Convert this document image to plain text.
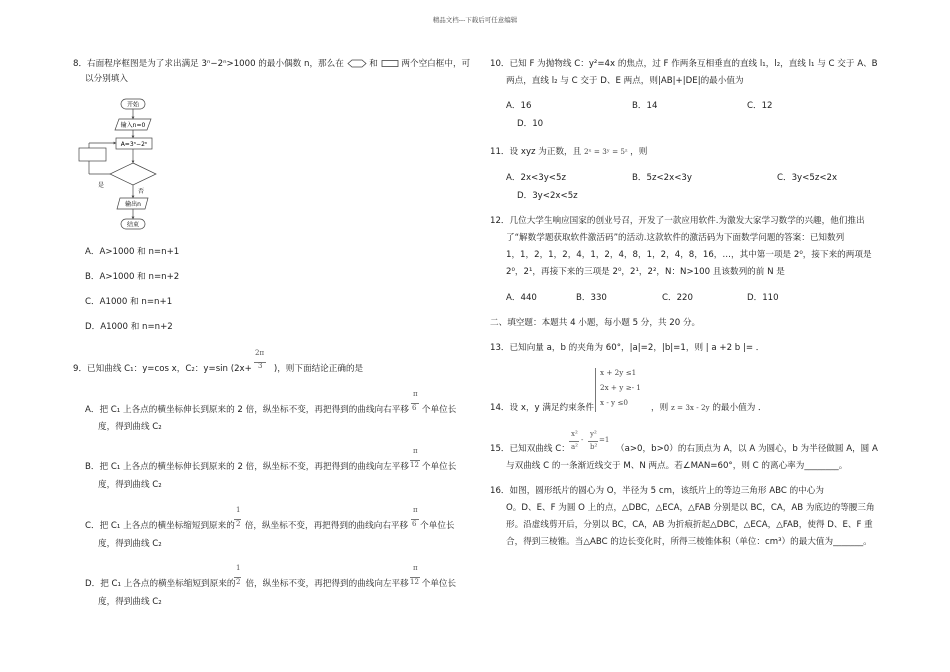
精品文档---下载后可任意编辑
8．右面程序框图是为了求出满足 3ⁿ−2ⁿ>1000 的最小偶数 n，那么在	和	两个空白框中，可
以分别填入
开始
输入n=0
A=3ⁿ−2ⁿ
否
是
输出n
结束
A．A>1000 和 n=n+1
B．A>1000 和 n=n+2
C．A1000 和 n=n+1
D．A1000 和 n=n+2
9．已知曲线 C₁：y=cos x，C₂：y=sin (2x+	)，则下面结论正确的是
2π
3
A．把 C₁ 上各点的横坐标伸长到原来的 2 倍，纵坐标不变，再把得到的曲线向右平移 个单位长
π
6
度，得到曲线 C₂
B．把 C₁ 上各点的横坐标伸长到原来的 2 倍，纵坐标不变，再把得到的曲线向左平移 个单位长
π
12
度，得到曲线 C₂
C．把 C₁ 上各点的横坐标缩短到原来的 倍，纵坐标不变，再把得到的曲线向右平移 个单位长
1
2
π
6
度，得到曲线 C₂
D．把 C₁ 上各点的横坐标缩短到原来的 倍，纵坐标不变，再把得到的曲线向左平移 个单位长
1
2
π
12
度，得到曲线 C₂
10．已知 F 为抛物线 C：y²=4x 的焦点，过 F 作两条互相垂直的直线 l₁，l₂，直线 l₁ 与 C 交于 A、B
两点，直线 l₂ 与 C 交于 D、E 两点，则|AB|+|DE|的最小值为
A．16	B．14	C．12
D．10
11．设 xyz 为正数，且 2ˣ = 3ʸ = 5ᶻ ，则
A．2x<3y<5z	B．5z<2x<3y	C．3y<5z<2x
D．3y<2x<5z
12．几位大学生响应国家的创业号召，开发了一款应用软件.为激发大家学习数学的兴趣，他们推出
了“解数学题获取软件激活码”的活动.这款软件的激活码为下面数学问题的答案：已知数列
1，1，2，1，2，4，1，2，4，8，1，2，4，8，16，…，其中第一项是 2⁰，接下来的两项是
2⁰，2¹，再接下来的三项是 2⁰，2¹，2²，N：N>100 且该数列的前 N 是
A．440	B．330	C．220	D．110
二、填空题：本题共 4 小题，每小题 5 分，共 20 分。
13．已知向量 a，b 的夹角为 60°，|a|=2，|b|=1，则 | a +2 b |= ．
14．设 x，y 满足约束条件
x + 2y ≤1
2x + y ≥- 1
x - y ≤0
，则 z = 3x - 2y 的最小值为 ．
15．已知双曲线 C：
x²
a²
-
y²
b²
=1
（a>0，b>0）的右顶点为 A，以 A 为圆心，b 为半径做圆 A，圆 A
与双曲线 C 的一条渐近线交于 M、N 两点。若∠MAN=60°，则 C 的离心率为________。
16．如图，圆形纸片的圆心为 O，半径为 5 cm，该纸片上的等边三角形 ABC 的中心为
O。D、E、F 为圆 O 上的点，△DBC，△ECA，△FAB 分别是以 BC，CA，AB 为底边的等腰三角
形。沿虚线剪开后，分别以 BC，CA，AB 为折痕折起△DBC，△ECA，△FAB，使得 D、E、F 重
合，得到三棱锥。当△ABC 的边长变化时，所得三棱锥体积（单位：cm³）的最大值为_______。
